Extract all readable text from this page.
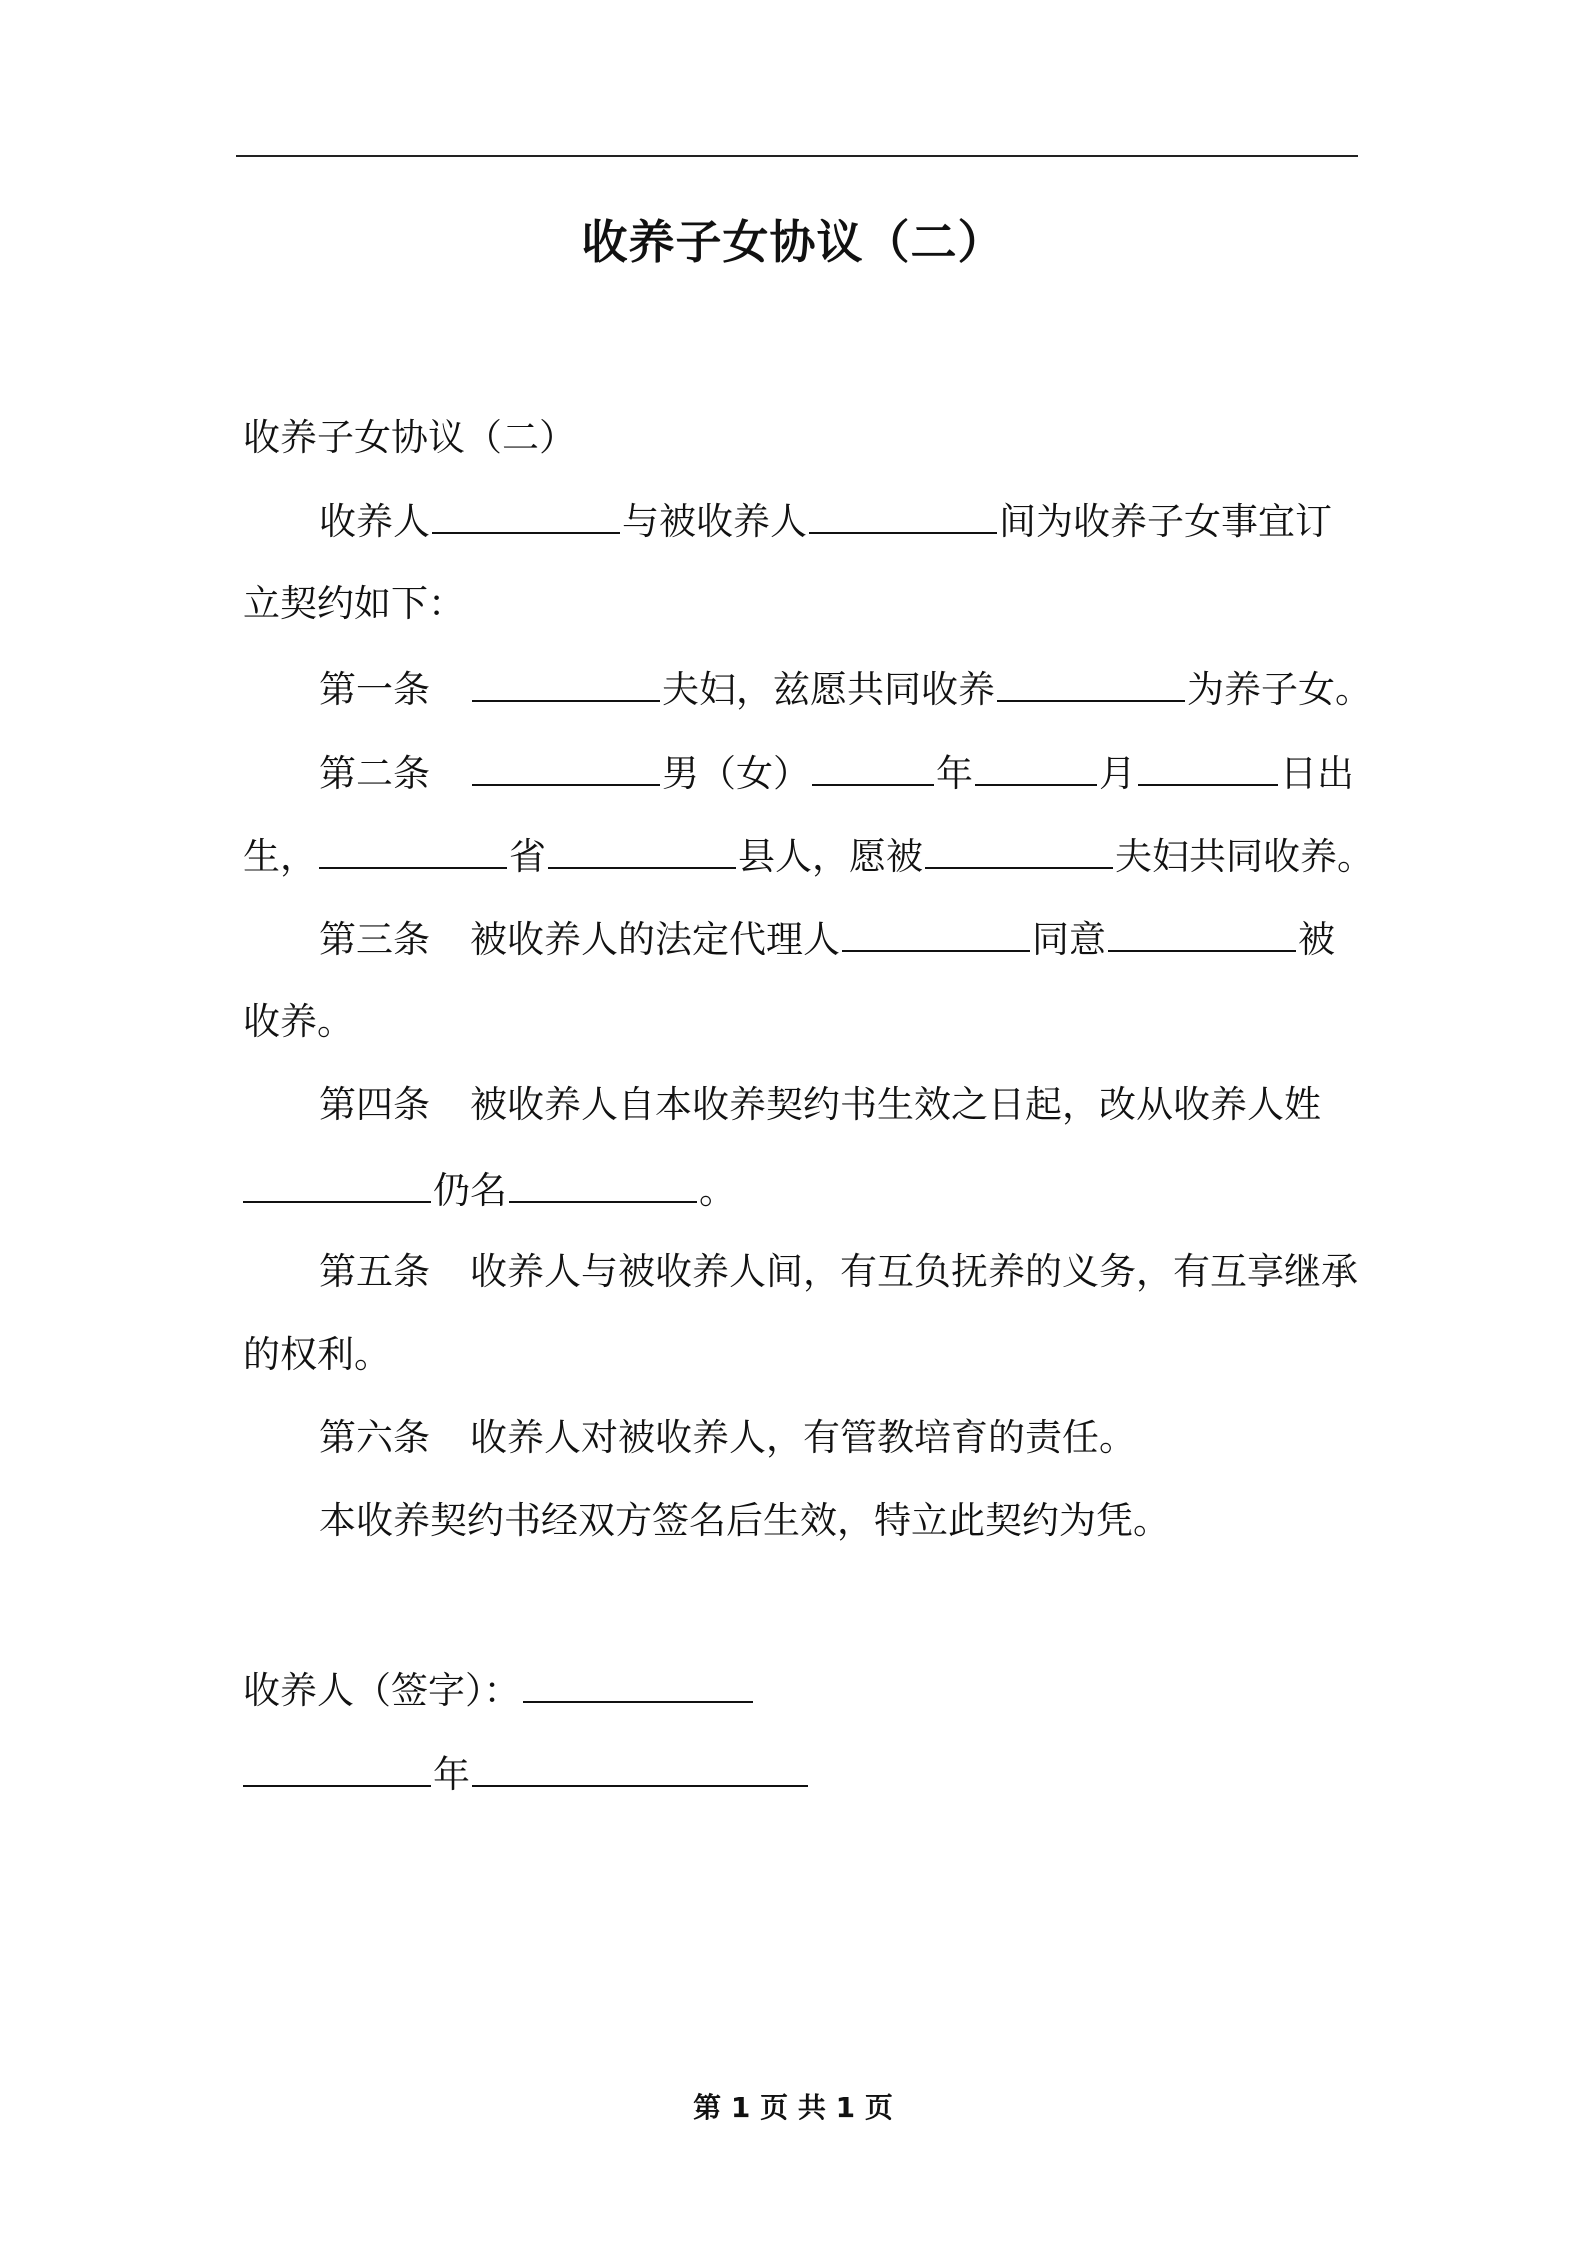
收养子女协议（二）
收养子女协议（二）
收养人	与被收养人	间为收养子女事宜订
立契约如下：
第一条	夫妇，兹愿共同收养	为养子女。
第二条	男（女）	年	月	日出
生，	省	县人，愿被	夫妇共同收养。
第三条 被收养人的法定代理人	同意	被
收养。
第四条 被收养人自本收养契约书生效之日起，改从收养人姓
仍名	。
第五条 收养人与被收养人间，有互负抚养的义务，有互享继承
的权利。
第六条 收养人对被收养人，有管教培育的责任。
本收养契约书经双方签名后生效，特立此契约为凭。
收养人（签字）：
年
第 1 页 共 1 页
